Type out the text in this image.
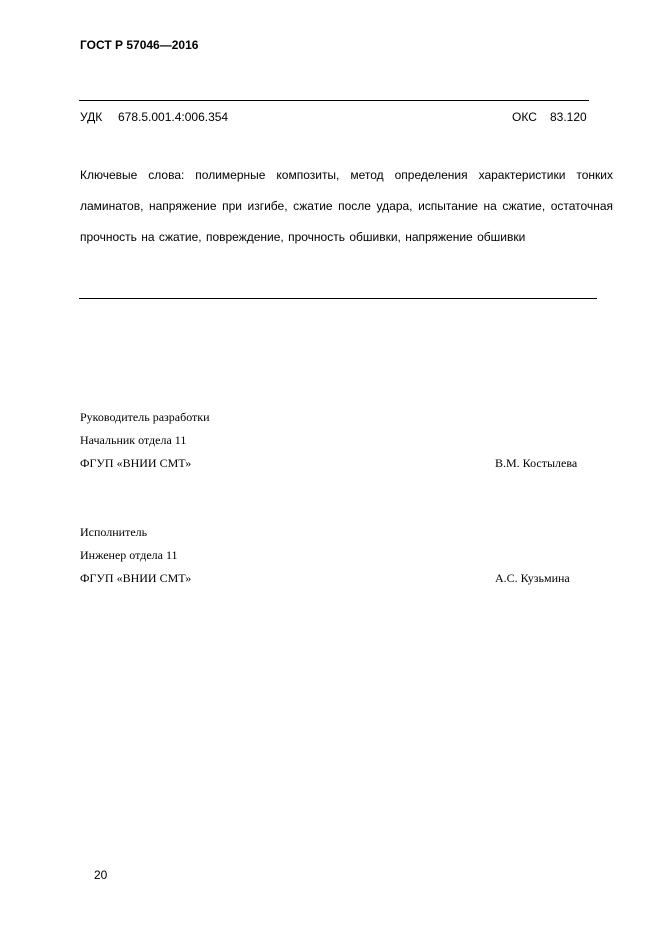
ГОСТ Р 57046—2016
УДК 678.5.001.4:006.354	ОКС 83.120
Ключевые слова: полимерные композиты, метод определения характеристики тонких ламинатов, напряжение при изгибе, сжатие после удара, испытание на сжатие, остаточная прочность на сжатие, повреждение, прочность обшивки, напряжение обшивки
Руководитель разработки
Начальник отдела 11
ФГУП «ВНИИ СМТ»	В.М. Костылева
Исполнитель
Инженер отдела 11
ФГУП «ВНИИ СМТ»	А.С. Кузьмина
20
